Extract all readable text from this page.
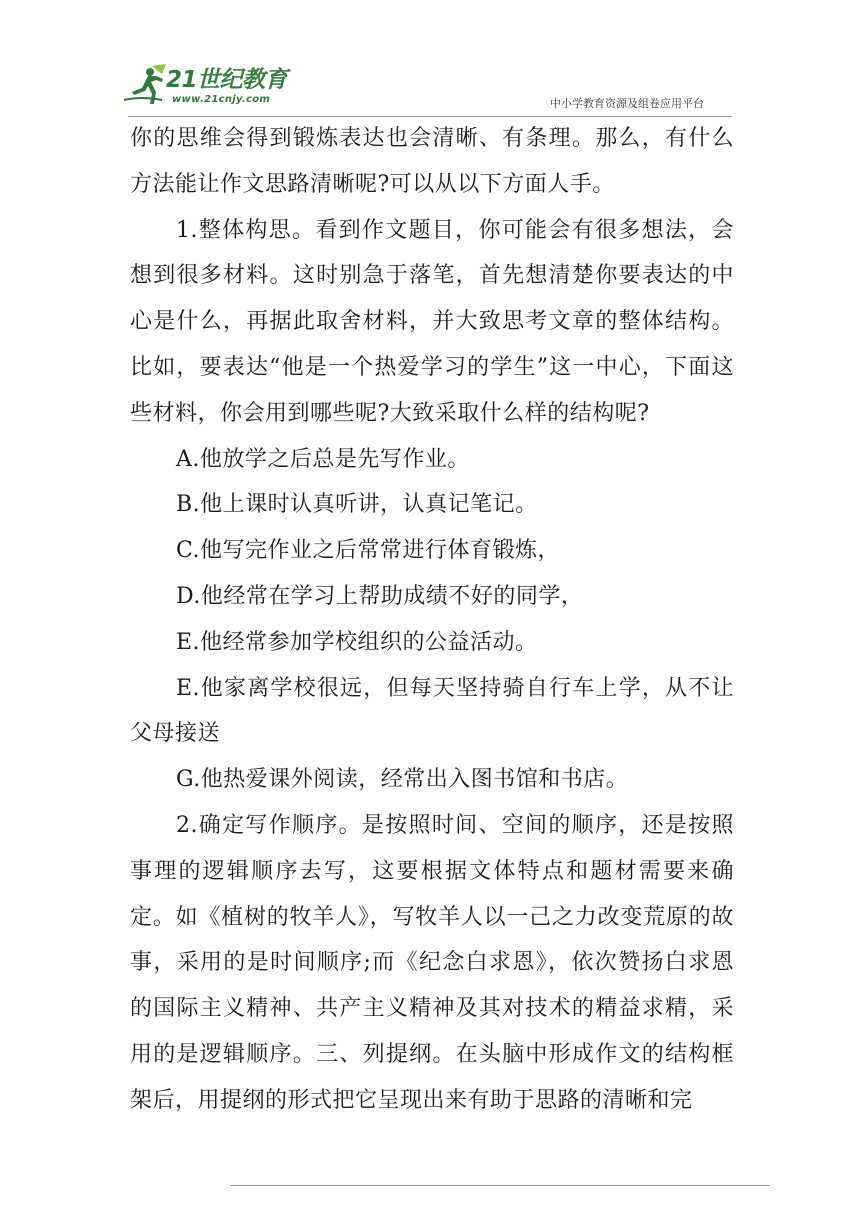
21世纪教育
www.21cnjy.com	中小学教育资源及组卷应用平台

你的思维会得到锻炼表达也会清晰、有条理。那么，有什么方法能让作文思路清晰呢?可以从以下方面人手。

1.整体构思。看到作文题目，你可能会有很多想法，会想到很多材料。这时别急于落笔，首先想清楚你要表达的中心是什么，再据此取舍材料，并大致思考文章的整体结构。比如，要表达“他是一个热爱学习的学生”这一中心，下面这些材料，你会用到哪些呢?大致采取什么样的结构呢?

A.他放学之后总是先写作业。

B.他上课时认真听讲，认真记笔记。

C.他写完作业之后常常进行体育锻炼，

D.他经常在学习上帮助成绩不好的同学，

E.他经常参加学校组织的公益活动。

E.他家离学校很远，但每天坚持骑自行车上学，从不让父母接送

G.他热爱课外阅读，经常出入图书馆和书店。

2.确定写作顺序。是按照时间、空间的顺序，还是按照事理的逻辑顺序去写，这要根据文体特点和题材需要来确定。如《植树的牧羊人》，写牧羊人以一己之力改变荒原的故事，采用的是时间顺序;而《纪念白求恩》，依次赞扬白求恩的国际主义精神、共产主义精神及其对技术的精益求精，采用的是逻辑顺序。三、列提纲。在头脑中形成作文的结构框架后，用提纲的形式把它呈现出来有助于思路的清晰和完
